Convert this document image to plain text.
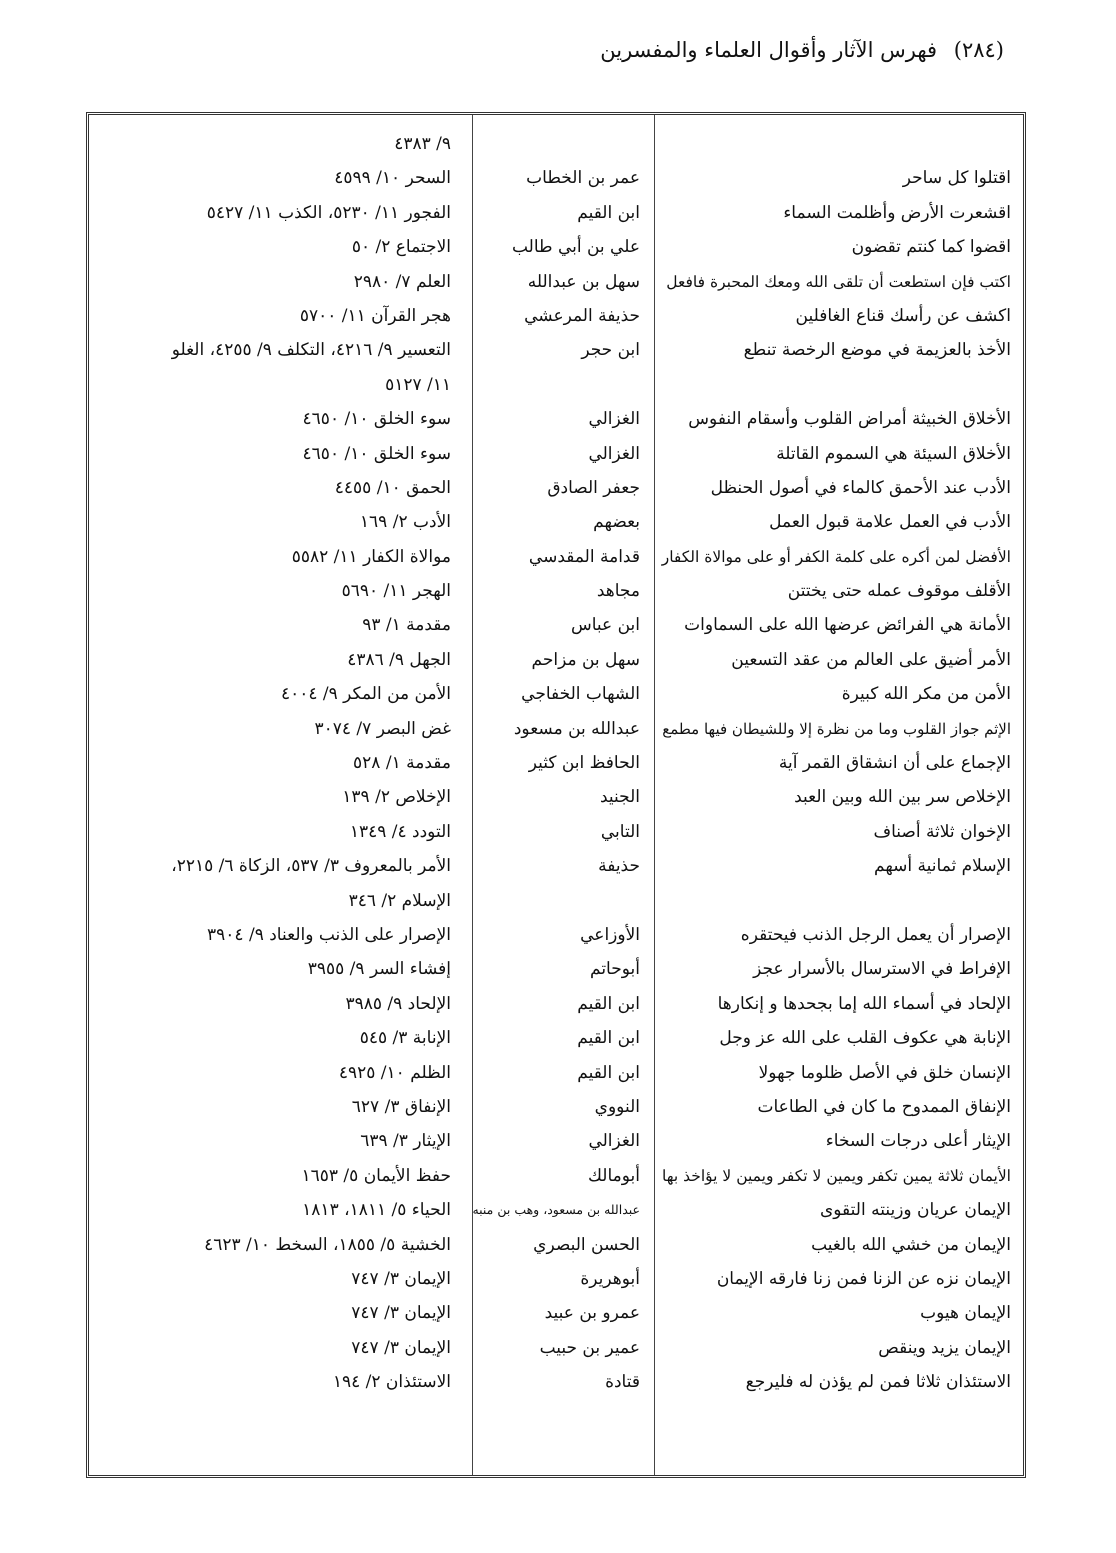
(٢٨٤) فهرس الآثار وأقوال العلماء والمفسرين
٩/ ٤٣٨٣
اقتلوا كل ساحر
عمر بن الخطاب
السحر ١٠/ ٤٥٩٩
اقشعرت الأرض وأظلمت السماء
ابن القيم
الفجور ١١/ ٥٢٣٠، الكذب ١١/ ٥٤٢٧
اقضوا كما كنتم تقضون
علي بن أبي طالب
الاجتماع ٢/ ٥٠
اكتب فإن استطعت أن تلقى الله ومعك المحبرة فافعل
سهل بن عبدالله
العلم ٧/ ٢٩٨٠
اكشف عن رأسك قناع الغافلين
حذيفة المرعشي
هجر القرآن ١١/ ٥٧٠٠
الأخذ بالعزيمة في موضع الرخصة تنطع
ابن حجر
التعسير ٩/ ٤٢١٦، التكلف ٩/ ٤٢٥٥، الغلو
١١/ ٥١٢٧
الأخلاق الخبيثة أمراض القلوب وأسقام النفوس
الغزالي
سوء الخلق ١٠/ ٤٦٥٠
الأخلاق السيئة هي السموم القاتلة
الغزالي
سوء الخلق ١٠/ ٤٦٥٠
الأدب عند الأحمق كالماء في أصول الحنظل
جعفر الصادق
الحمق ١٠/ ٤٤٥٥
الأدب في العمل علامة قبول العمل
بعضهم
الأدب ٢/ ١٦٩
الأفضل لمن أكره على كلمة الكفر أو على موالاة الكفار
قدامة المقدسي
موالاة الكفار ١١/ ٥٥٨٢
الأقلف موقوف عمله حتى يختتن
مجاهد
الهجر ١١/ ٥٦٩٠
الأمانة هي الفرائض عرضها الله على السماوات
ابن عباس
مقدمة ١/ ٩٣
الأمر أضيق على العالم من عقد التسعين
سهل بن مزاحم
الجهل ٩/ ٤٣٨٦
الأمن من مكر الله كبيرة
الشهاب الخفاجي
الأمن من المكر ٩/ ٤٠٠٤
الإثم جواز القلوب وما من نظرة إلا وللشيطان فيها مطمع
عبدالله بن مسعود
غض البصر ٧/ ٣٠٧٤
الإجماع على أن انشقاق القمر آية
الحافظ ابن كثير
مقدمة ١/ ٥٢٨
الإخلاص سر بين الله وبين العبد
الجنيد
الإخلاص ٢/ ١٣٩
الإخوان ثلاثة أصناف
التابي
التودد ٤/ ١٣٤٩
الإسلام ثمانية أسهم
حذيفة
الأمر بالمعروف ٣/ ٥٣٧، الزكاة ٦/ ٢٢١٥،
الإسلام ٢/ ٣٤٦
الإصرار أن يعمل الرجل الذنب فيحتقره
الأوزاعي
الإصرار على الذنب والعناد ٩/ ٣٩٠٤
الإفراط في الاسترسال بالأسرار عجز
أبوحاتم
إفشاء السر ٩/ ٣٩٥٥
الإلحاد في أسماء الله إما بجحدها و إنكارها
ابن القيم
الإلحاد ٩/ ٣٩٨٥
الإنابة هي عكوف القلب على الله عز وجل
ابن القيم
الإنابة ٣/ ٥٤٥
الإنسان خلق في الأصل ظلوما جهولا
ابن القيم
الظلم ١٠/ ٤٩٢٥
الإنفاق الممدوح ما كان في الطاعات
النووي
الإنفاق ٣/ ٦٢٧
الإيثار أعلى درجات السخاء
الغزالي
الإيثار ٣/ ٦٣٩
الأيمان ثلاثة يمين تكفر ويمين لا تكفر ويمين لا يؤاخذ بها
أبومالك
حفظ الأيمان ٥/ ١٦٥٣
الإيمان عريان وزينته التقوى
عبدالله بن مسعود، وهب بن منبه
الحياء ٥/ ١٨١١، ١٨١٣
الإيمان من خشي الله بالغيب
الحسن البصري
الخشية ٥/ ١٨٥٥، السخط ١٠/ ٤٦٢٣
الإيمان نزه عن الزنا فمن زنا فارقه الإيمان
أبوهريرة
الإيمان ٣/ ٧٤٧
الإيمان هيوب
عمرو بن عبيد
الإيمان ٣/ ٧٤٧
الإيمان يزيد وينقص
عمير بن حبيب
الإيمان ٣/ ٧٤٧
الاستئذان ثلاثا فمن لم يؤذن له فليرجع
قتادة
الاستئذان ٢/ ١٩٤
